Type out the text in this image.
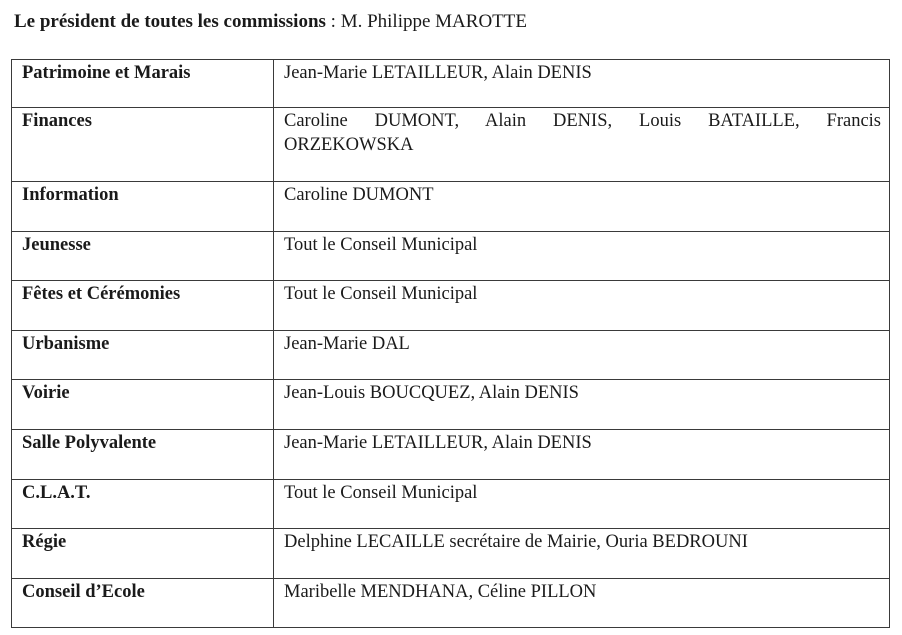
Le président de toutes les commissions : M. Philippe MAROTTE
Patrimoine et Marais	Jean-Marie LETAILLEUR, Alain DENIS
Finances	Caroline DUMONT, Alain DENIS, Louis BATAILLE, Francis ORZEKOWSKA
Information	Caroline DUMONT
Jeunesse	Tout le Conseil Municipal
Fêtes et Cérémonies	Tout le Conseil Municipal
Urbanisme	Jean-Marie DAL
Voirie	Jean-Louis BOUCQUEZ, Alain DENIS
Salle Polyvalente	Jean-Marie LETAILLEUR, Alain DENIS
C.L.A.T.	Tout le Conseil Municipal
Régie	Delphine LECAILLE secrétaire de Mairie, Ouria BEDROUNI
Conseil d’Ecole	Maribelle MENDHANA, Céline PILLON
